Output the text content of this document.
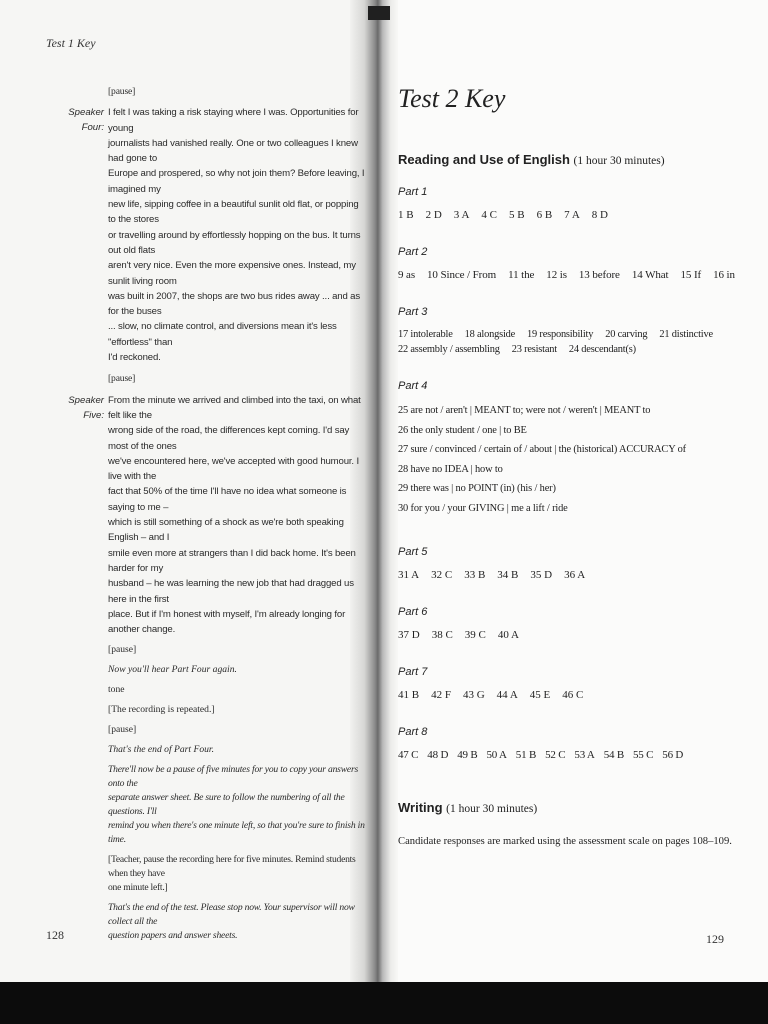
Test 1 Key
[pause]
Speaker Four:
I felt I was taking a risk staying where I was. Opportunities for young
journalists had vanished really. One or two colleagues I knew had gone to
Europe and prospered, so why not join them? Before leaving, I imagined my
new life, sipping coffee in a beautiful sunlit old flat, or popping to the stores
or travelling around by effortlessly hopping on the bus. It turns out old flats
aren't very nice. Even the more expensive ones. Instead, my sunlit living room
was built in 2007, the shops are two bus rides away ... and as for the buses
... slow, no climate control, and diversions mean it's less "effortless" than
I'd reckoned.
[pause]
Speaker Five:
From the minute we arrived and climbed into the taxi, on what felt like the
wrong side of the road, the differences kept coming. I'd say most of the ones
we've encountered here, we've accepted with good humour. I live with the
fact that 50% of the time I'll have no idea what someone is saying to me –
which is still something of a shock as we're both speaking English – and I
smile even more at strangers than I did back home. It's been harder for my
husband – he was learning the new job that had dragged us here in the first
place. But if I'm honest with myself, I'm already longing for another change.
[pause]
Now you'll hear Part Four again.
tone
[The recording is repeated.]
[pause]
That's the end of Part Four.
There'll now be a pause of five minutes for you to copy your answers onto the
separate answer sheet. Be sure to follow the numbering of all the questions. I'll
remind you when there's one minute left, so that you're sure to finish in time.
[Teacher, pause the recording here for five minutes. Remind students when they have
one minute left.]
That's the end of the test. Please stop now. Your supervisor will now collect all the
question papers and answer sheets.
128
Test 2 Key
Reading and Use of English (1 hour 30 minutes)
Part 1
1 B 2 D 3 A 4 C 5 B 6 B 7 A 8 D
Part 2
9 as 10 Since / From 11 the 12 is 13 before 14 What 15 If 16 in
Part 3
17 intolerable 18 alongside 19 responsibility 20 carving 21 distinctive
22 assembly / assembling 23 resistant 24 descendant(s)
Part 4
25 are not / aren't | MEANT to; were not / weren't | MEANT to
26 the only student / one | to BE
27 sure / convinced / certain of / about | the (historical) ACCURACY of
28 have no IDEA | how to
29 there was | no POINT (in) (his / her)
30 for you / your GIVING | me a lift / ride
Part 5
31 A 32 C 33 B 34 B 35 D 36 A
Part 6
37 D 38 C 39 C 40 A
Part 7
41 B 42 F 43 G 44 A 45 E 46 C
Part 8
47 C 48 D 49 B 50 A 51 B 52 C 53 A 54 B 55 C 56 D
Writing (1 hour 30 minutes)
Candidate responses are marked using the assessment scale on pages 108–109.
129
